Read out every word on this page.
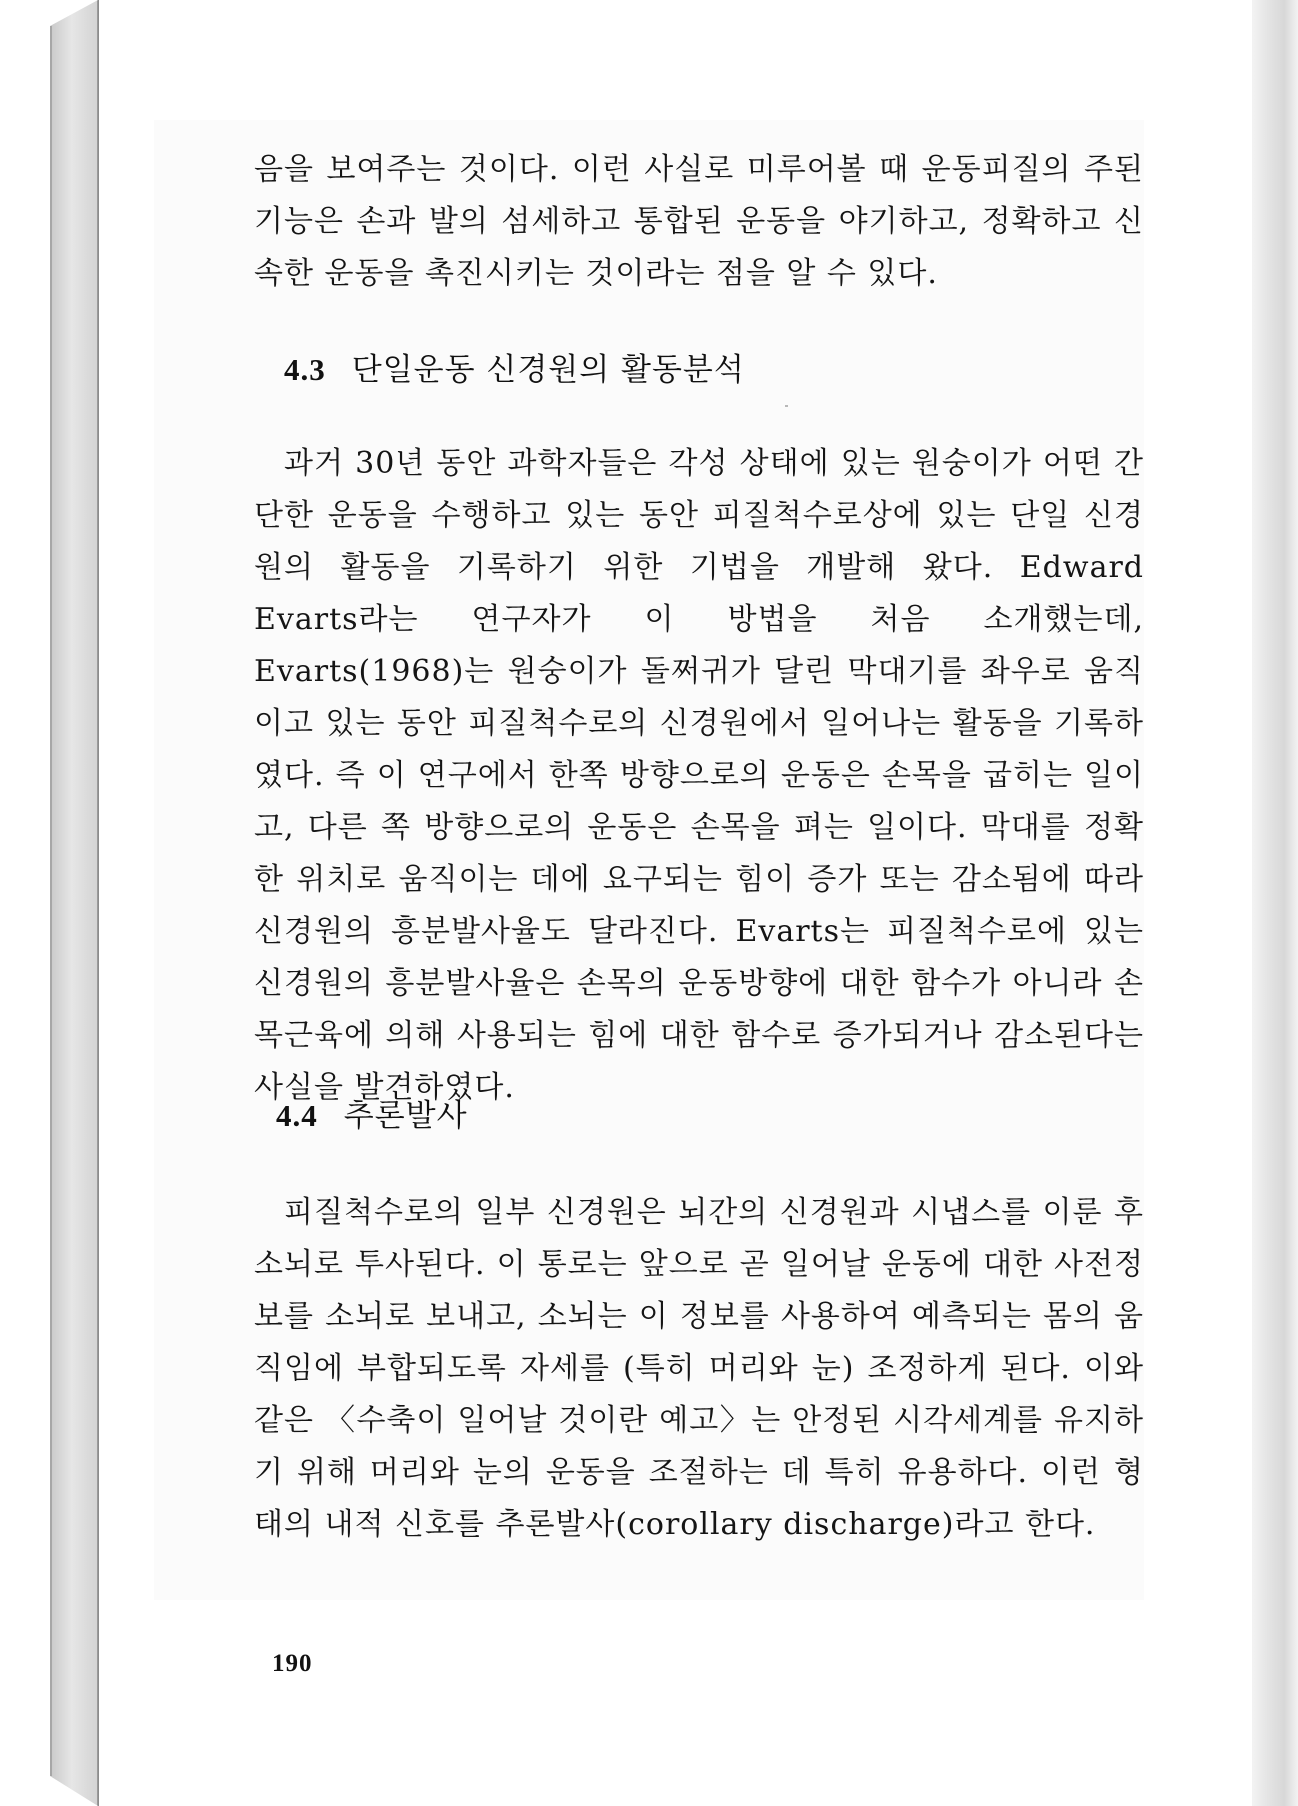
음을 보여주는 것이다. 이런 사실로 미루어볼 때 운동피질의 주된 기능은 손과 발의 섬세하고 통합된 운동을 야기하고, 정확하고 신속한 운동을 촉진시키는 것이라는 점을 알 수 있다.

4.3 단일운동 신경원의 활동분석

과거 30년 동안 과학자들은 각성 상태에 있는 원숭이가 어떤 간단한 운동을 수행하고 있는 동안 피질척수로상에 있는 단일 신경원의 활동을 기록하기 위한 기법을 개발해 왔다. Edward Evarts라는 연구자가 이 방법을 처음 소개했는데, Evarts(1968)는 원숭이가 돌쩌귀가 달린 막대기를 좌우로 움직이고 있는 동안 피질척수로의 신경원에서 일어나는 활동을 기록하였다. 즉 이 연구에서 한쪽 방향으로의 운동은 손목을 굽히는 일이고, 다른 쪽 방향으로의 운동은 손목을 펴는 일이다. 막대를 정확한 위치로 움직이는 데에 요구되는 힘이 증가 또는 감소됨에 따라 신경원의 흥분발사율도 달라진다. Evarts는 피질척수로에 있는 신경원의 흥분발사율은 손목의 운동방향에 대한 함수가 아니라 손목근육에 의해 사용되는 힘에 대한 함수로 증가되거나 감소된다는 사실을 발견하였다.

4.4 추론발사

피질척수로의 일부 신경원은 뇌간의 신경원과 시냅스를 이룬 후 소뇌로 투사된다. 이 통로는 앞으로 곧 일어날 운동에 대한 사전정보를 소뇌로 보내고, 소뇌는 이 정보를 사용하여 예측되는 몸의 움직임에 부합되도록 자세를 (특히 머리와 눈) 조정하게 된다. 이와 같은 〈수축이 일어날 것이란 예고〉는 안정된 시각세계를 유지하기 위해 머리와 눈의 운동을 조절하는 데 특히 유용하다. 이런 형태의 내적 신호를 추론발사(corollary discharge)라고 한다.

190
